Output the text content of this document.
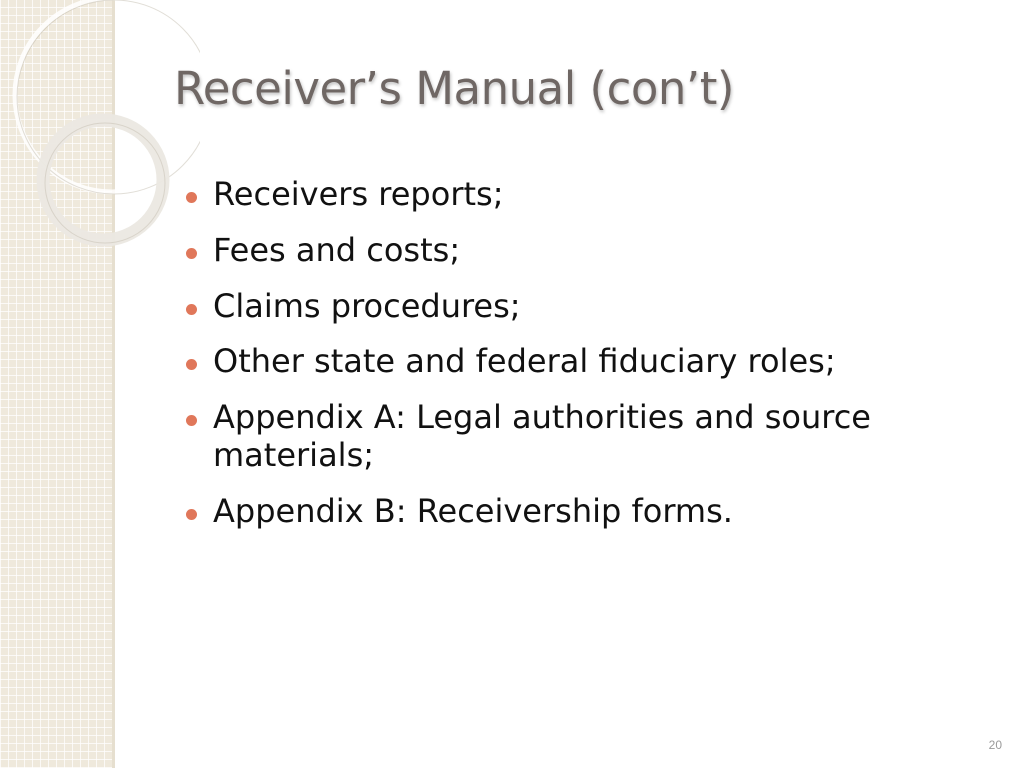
Receiver’s Manual (con’t)
Receivers reports;
Fees and costs;
Claims procedures;
Other state and federal fiduciary roles;
Appendix A: Legal authorities and source materials;
Appendix B: Receivership forms.
20
